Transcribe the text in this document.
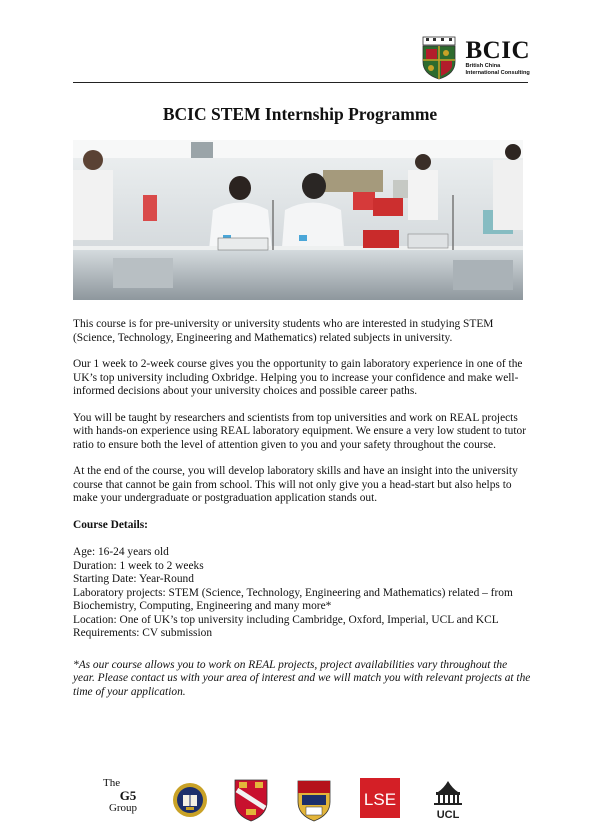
BCIC
British China
International Consulting
BCIC STEM Internship Programme

This course is for pre-university or university students who are interested in studying STEM (Science, Technology, Engineering and Mathematics) related subjects in university.

Our 1 week to 2-week course gives you the opportunity to gain laboratory experience in one of the UK’s top university including Oxbridge. Helping you to increase your confidence and make well-informed decisions about your university choices and possible career paths.

You will be taught by researchers and scientists from top universities and work on REAL projects with hands-on experience using REAL laboratory equipment. We ensure a very low student to tutor ratio to ensure both the level of attention given to you and your safety throughout the course.

At the end of the course, you will develop laboratory skills and have an insight into the university course that cannot be gain from school. This will not only give you a head-start but also helps to make your undergraduate or postgraduation application stands out.

Course Details:

Age: 16-24 years old

Duration: 1 week to 2 weeks

Starting Date: Year-Round

Laboratory projects: STEM (Science, Technology, Engineering and Mathematics) related – from Biochemistry, Computing, Engineering and many more*

Location: One of UK’s top university including Cambridge, Oxford, Imperial, UCL and KCL

Requirements: CV submission

*As our course allows you to work on REAL projects, project availabilities vary throughout the year. Please contact us with your area of interest and we will match you with relevant projects at the time of your application.

The
G5
Group	LSE
UCL
